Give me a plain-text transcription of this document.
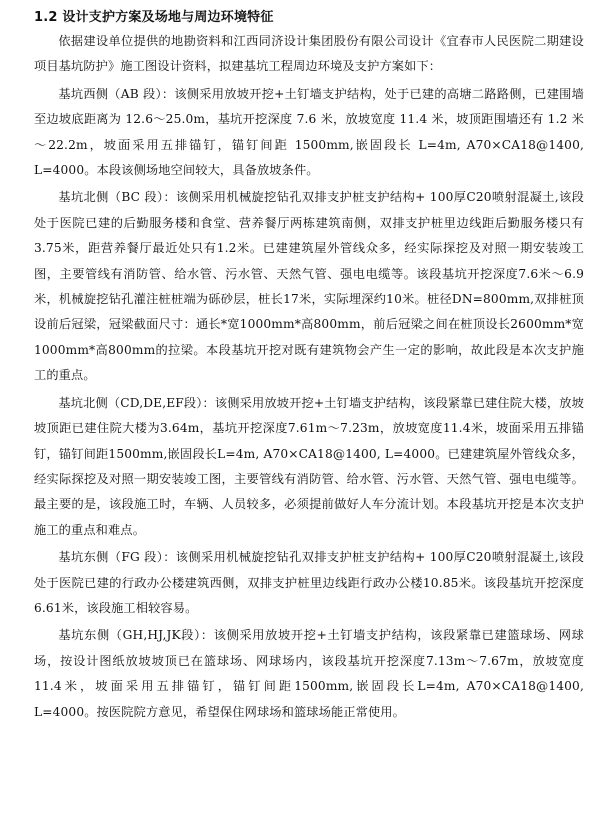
1.2 设计支护方案及场地与周边环境特征

依据建设单位提供的地勘资料和江西同济设计集团股份有限公司设计《宜春市人民医院二期建设项目基坑防护》施工图设计资料，拟建基坑工程周边环境及支护方案如下：

基坑西侧（AB 段）：该侧采用放坡开挖+土钉墙支护结构，处于已建的高塘二路路侧，已建围墙至边坡底距离为 12.6～25.0m，基坑开挖深度 7.6 米，放坡宽度 11.4 米，坡顶距围墙还有 1.2 米～22.2m，坡面采用五排锚钉，锚钉间距 1500mm,嵌固段长 L=4m, A70×CA18@1400, L=4000。本段该侧场地空间较大，具备放坡条件。

基坑北侧（BC 段）：该侧采用机械旋挖钻孔双排支护桩支护结构+ 100厚C20喷射混凝土,该段处于医院已建的后勤服务楼和食堂、营养餐厅两栋建筑南侧，双排支护桩里边线距后勤服务楼只有3.75米，距营养餐厅最近处只有1.2米。已建建筑屋外管线众多，经实际探挖及对照一期安装竣工图，主要管线有消防管、给水管、污水管、天然气管、强电电缆等。该段基坑开挖深度7.6米～6.9米，机械旋挖钻孔灌注桩桩端为砾砂层，桩长17米，实际埋深约10米。桩径DN=800mm,双排桩顶设前后冠梁，冠梁截面尺寸：通长*宽1000mm*高800mm，前后冠梁之间在桩顶设长2600mm*宽1000mm*高800mm的拉梁。本段基坑开挖对既有建筑物会产生一定的影响，故此段是本次支护施工的重点。

基坑北侧（CD,DE,EF段）：该侧采用放坡开挖+土钉墙支护结构，该段紧靠已建住院大楼，放坡坡顶距已建住院大楼为3.64m，基坑开挖深度7.61m～7.23m，放坡宽度11.4米，坡面采用五排锚钉，锚钉间距1500mm,嵌固段长L=4m, A70×CA18@1400, L=4000。已建建筑屋外管线众多，经实际探挖及对照一期安装竣工图，主要管线有消防管、给水管、污水管、天然气管、强电电缆等。最主要的是，该段施工时，车辆、人员较多，必须提前做好人车分流计划。本段基坑开挖是本次支护施工的重点和难点。

基坑东侧（FG 段）：该侧采用机械旋挖钻孔双排支护桩支护结构+ 100厚C20喷射混凝土,该段处于医院已建的行政办公楼建筑西侧，双排支护桩里边线距行政办公楼10.85米。该段基坑开挖深度6.61米，该段施工相较容易。

基坑东侧（GH,HJ,JK段）：该侧采用放坡开挖+土钉墙支护结构，该段紧靠已建篮球场、网球场，按设计图纸放坡坡顶已在篮球场、网球场内，该段基坑开挖深度7.13m～7.67m，放坡宽度11.4米，坡面采用五排锚钉，锚钉间距1500mm,嵌固段长L=4m, A70×CA18@1400, L=4000。按医院院方意见，希望保住网球场和篮球场能正常使用。
